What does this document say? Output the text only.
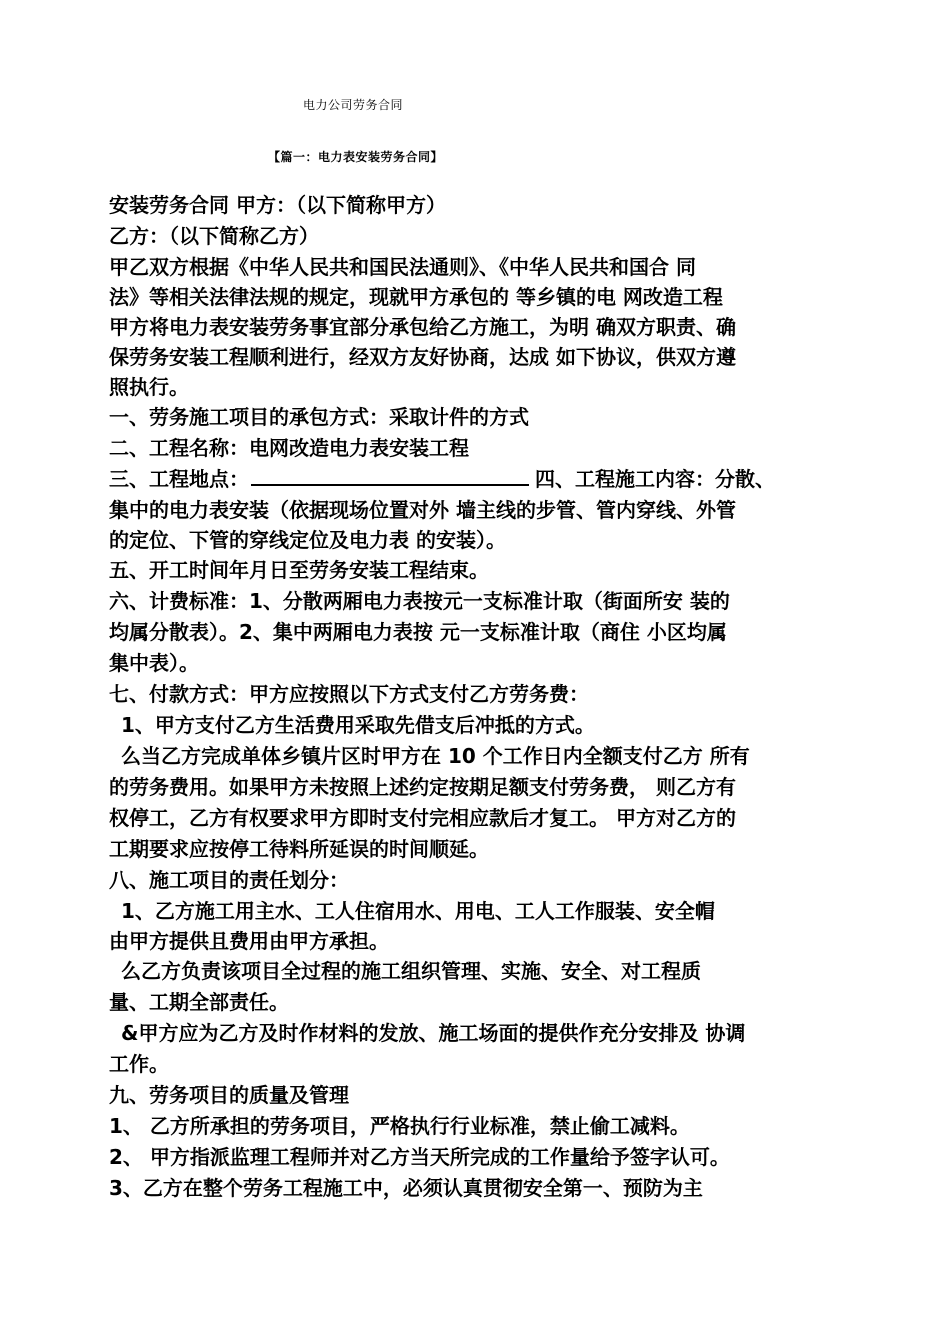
电力公司劳务合同
【篇一：电力表安装劳务合同】
安装劳务合同 甲方：（以下简称甲方）
乙方：（以下简称乙方）
甲乙双方根据《中华人民共和国民法通则》、《中华人民共和国合 同
法》等相关法律法规的规定，现就甲方承包的 等乡镇的电 网改造工程
甲方将电力表安装劳务事宜部分承包给乙方施工，为明 确双方职责、确
保劳务安装工程顺利进行，经双方友好协商，达成 如下协议，供双方遵
照执行。
一、劳务施工项目的承包方式：采取计件的方式
二、工程名称：电网改造电力表安装工程
三、工程地点：	四、工程施工内容：分散、
集中的电力表安装（依据现场位置对外 墙主线的步管、管内穿线、外管
的定位、下管的穿线定位及电力表 的安装）。
五、开工时间年月日至劳务安装工程结束。
六、计费标准：1、分散两厢电力表按元一支标准计取（街面所安 装的
均属分散表）。2、集中两厢电力表按 元一支标准计取（商住 小区均属
集中表）。
七、付款方式：甲方应按照以下方式支付乙方劳务费：
1、甲方支付乙方生活费用采取先借支后冲抵的方式。
么当乙方完成单体乡镇片区时甲方在 10 个工作日内全额支付乙方 所有
的劳务费用。如果甲方未按照上述约定按期足额支付劳务费， 则乙方有
权停工，乙方有权要求甲方即时支付完相应款后才复工。 甲方对乙方的
工期要求应按停工待料所延误的时间顺延。
八、施工项目的责任划分：
1、乙方施工用主水、工人住宿用水、用电、工人工作服装、安全帽
由甲方提供且费用由甲方承担。
么乙方负责该项目全过程的施工组织管理、实施、安全、对工程质
量、工期全部责任。
&甲方应为乙方及时作材料的发放、施工场面的提供作充分安排及 协调
工作。
九、劳务项目的质量及管理
1、 乙方所承担的劳务项目，严格执行行业标准，禁止偷工减料。
2、 甲方指派监理工程师并对乙方当天所完成的工作量给予签字认可。
3、乙方在整个劳务工程施工中，必须认真贯彻安全第一、预防为主
